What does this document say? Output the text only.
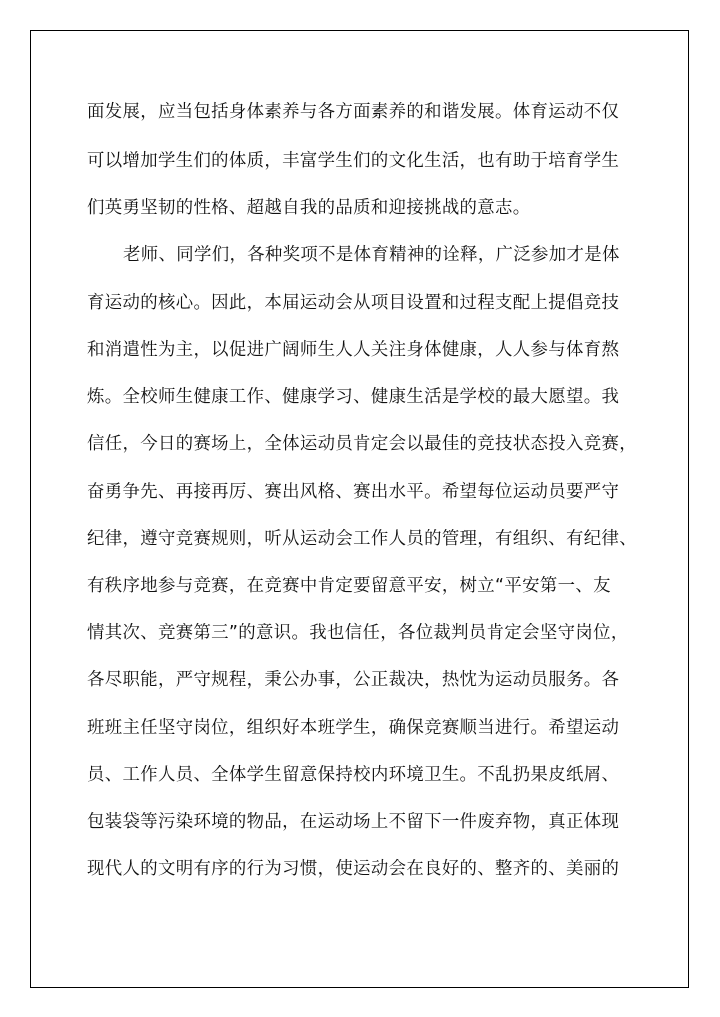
面发展，应当包括身体素养与各方面素养的和谐发展。体育运动不仅
可以增加学生们的体质，丰富学生们的文化生活，也有助于培育学生
们英勇坚韧的性格、超越自我的品质和迎接挑战的意志。
老师、同学们，各种奖项不是体育精神的诠释，广泛参加才是体
育运动的核心。因此，本届运动会从项目设置和过程支配上提倡竞技
和消遣性为主，以促进广阔师生人人关注身体健康，人人参与体育熬
炼。全校师生健康工作、健康学习、健康生活是学校的最大愿望。我
信任，今日的赛场上，全体运动员肯定会以最佳的竞技状态投入竞赛，
奋勇争先、再接再厉、赛出风格、赛出水平。希望每位运动员要严守
纪律，遵守竞赛规则，听从运动会工作人员的管理，有组织、有纪律、
有秩序地参与竞赛，在竞赛中肯定要留意平安，树立“平安第一、友
情其次、竞赛第三”的意识。我也信任，各位裁判员肯定会坚守岗位，
各尽职能，严守规程，秉公办事，公正裁决，热忱为运动员服务。各
班班主任坚守岗位，组织好本班学生，确保竞赛顺当进行。希望运动
员、工作人员、全体学生留意保持校内环境卫生。不乱扔果皮纸屑、
包装袋等污染环境的物品，在运动场上不留下一件废弃物，真正体现
现代人的文明有序的行为习惯，使运动会在良好的、整齐的、美丽的
